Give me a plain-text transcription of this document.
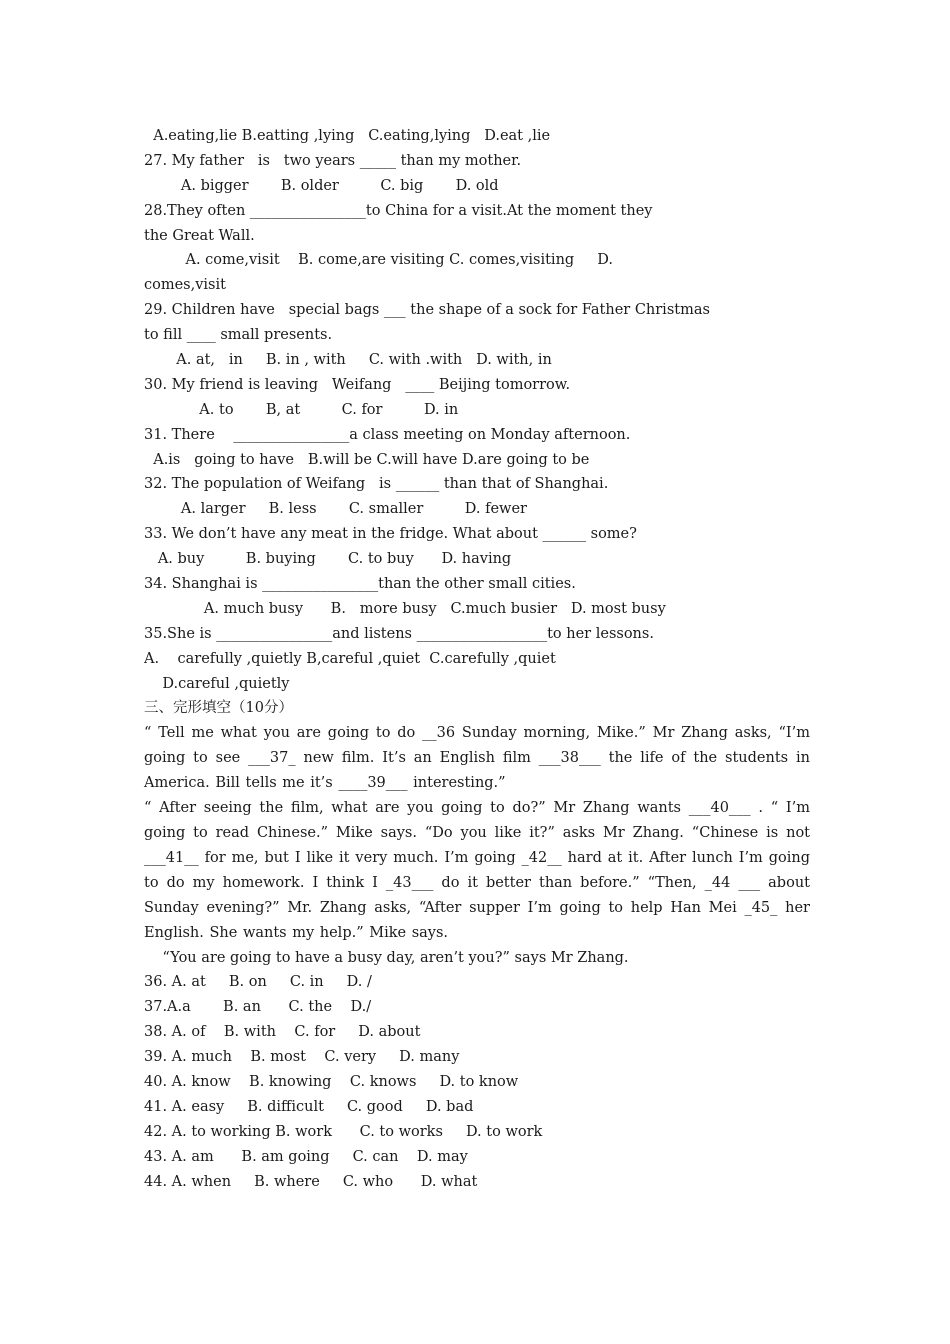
A.eating,lie B.eatting ,lying   C.eating,lying   D.eat ,lie
27. My father   is   two years _____ than my mother.
A. bigger       B. older         C. big       D. old
28.They often ________________to China for a visit.At the moment they
the Great Wall.
A. come,visit    B. come,are visiting C. comes,visiting     D.
comes,visit
29. Children have   special bags ___ the shape of a sock for Father Christmas
to fill ____ small presents.
A. at,   in     B. in , with     C. with .with   D. with, in
30. My friend is leaving   Weifang   ____ Beijing tomorrow.
A. to       B, at         C. for         D. in
31. There    ________________a class meeting on Monday afternoon.
A.is   going to have   B.will be C.will have D.are going to be
32. The population of Weifang   is ______ than that of Shanghai.
A. larger     B. less       C. smaller         D. fewer
33. We don’t have any meat in the fridge. What about ______ some?
A. buy         B. buying       C. to buy      D. having
34. Shanghai is ________________than the other small cities.
A. much busy      B.   more busy   C.much busier   D. most busy
35.She is ________________and listens __________________to her lessons.
A.    carefully ,quietly B,careful ,quiet  C.carefully ,quiet
D.careful ,quietly
三、完形填空（10分）
“ Tell me what you are going to do __36 Sunday morning, Mike.” Mr Zhang asks, “I’m going to see ___37_ new film. It’s an English film ___38___ the life of the students in America. Bill tells me it’s ____39___ interesting.”
“ After seeing the film, what are you going to do?” Mr Zhang wants ___40___ . “ I’m going to read Chinese.” Mike says. “Do you like it?” asks Mr Zhang. “Chinese is not ___41__ for me, but I like it very much. I’m going _42__ hard at it. After lunch I’m going to do my homework. I think I _43___ do it better than before.” “Then, _44 ___ about Sunday evening?” Mr. Zhang asks, “After supper I’m going to help Han Mei _45_ her English. She wants my help.” Mike says.
“You are going to have a busy day, aren’t you?” says Mr Zhang.
36. A. at     B. on     C. in     D. /
37.A.a       B. an      C. the    D./
38. A. of    B. with    C. for     D. about
39. A. much    B. most    C. very     D. many
40. A. know    B. knowing    C. knows     D. to know
41. A. easy     B. difficult     C. good     D. bad
42. A. to working B. work      C. to works     D. to work
43. A. am      B. am going     C. can    D. may
44. A. when     B. where     C. who      D. what
